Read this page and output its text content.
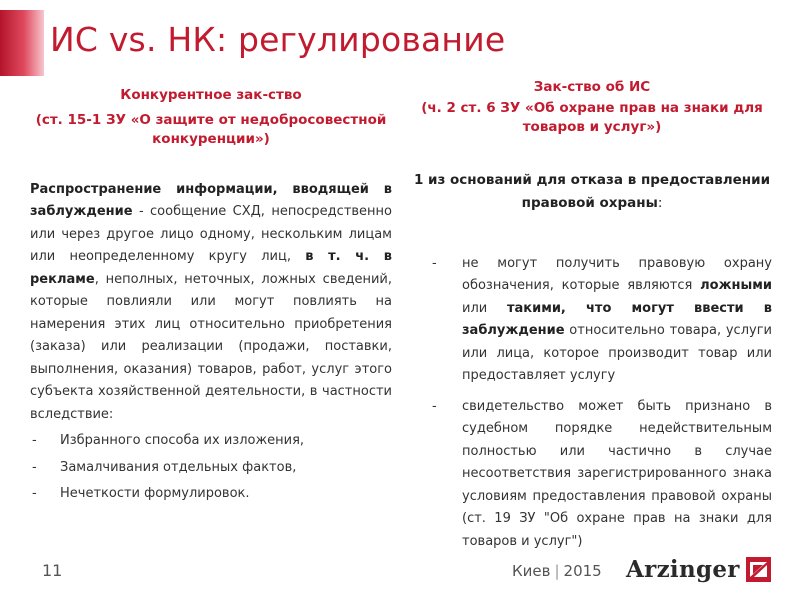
ИС vs. НК: регулирование
Конкурентное зак-ство
(ст. 15-1 ЗУ «О защите от недобросовестной конкуренции»)
Распространение информации, вводящей в заблуждение - сообщение СХД, непосредственно или через другое лицо одному, нескольким лицам или неопределенному кругу лиц, в т. ч. в рекламе, неполных, неточных, ложных сведений, которые повлияли или могут повлиять на намерения этих лиц относительно приобретения (заказа) или реализации (продажи, поставки, выполнения, оказания) товаров, работ, услуг этого субъекта хозяйственной деятельности, в частности вследствие:
- Избранного способа их изложения,
- Замалчивания отдельных фактов,
- Нечеткости формулировок.
Зак-ство об ИС
(ч. 2 ст. 6 ЗУ «Об охране прав на знаки для товаров и услуг»)
1 из оснований для отказа в предоставлении правовой охраны:
- не могут получить правовую охрану обозначения, которые являются ложными или такими, что могут ввести в заблуждение относительно товара, услуги или лица, которое производит товар или предоставляет услугу
- свидетельство может быть признано в судебном порядке недействительным полностью или частично в случае несоответствия зарегистрированного знака условиям предоставления правовой охраны (ст. 19 ЗУ "Об охране прав на знаки для товаров и услуг")
11	Киев | 2015 Arzinger
